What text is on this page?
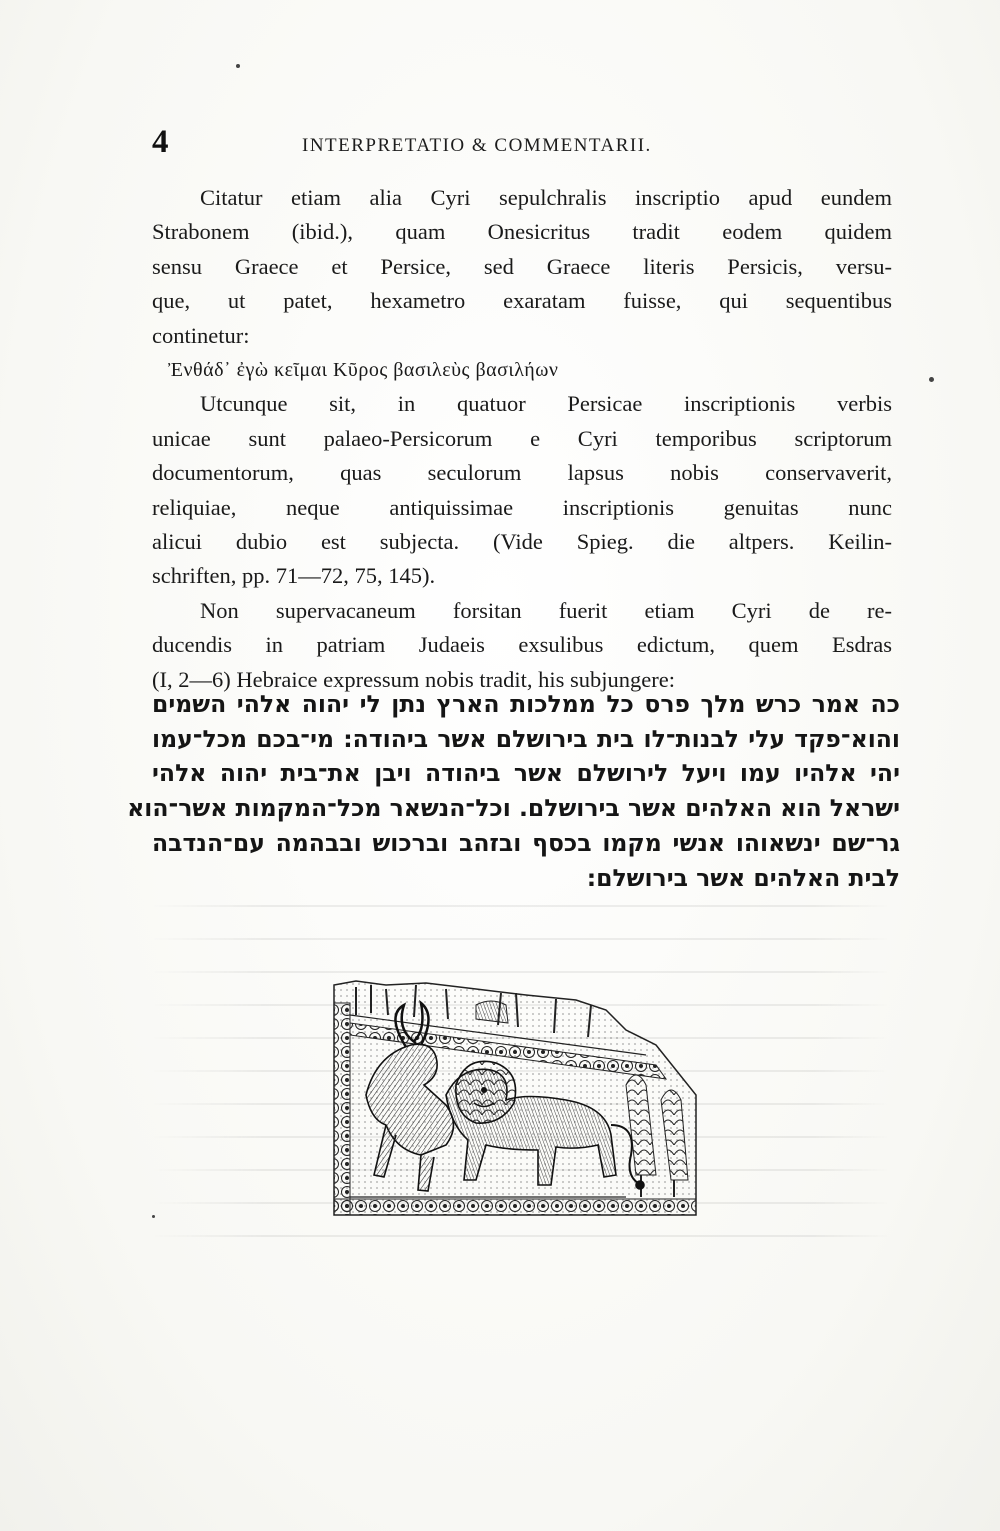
4	INTERPRETATIO & COMMENTARII.
Citatur etiam alia Cyri sepulchralis inscriptio apud eundem
Strabonem (ibid.), quam Onesicritus tradit eodem quidem
sensu Graece et Persice, sed Graece literis Persicis, versu-
que, ut patet, hexametro exaratam fuisse, qui sequentibus
continetur:
Ἐνθάδ᾽ ἐγὼ κεῖμαι Κῦρος βασιλεὺς βασιλήων
Utcunque sit, in quatuor Persicae inscriptionis verbis
unicae sunt palaeo-Persicorum e Cyri temporibus scriptorum
documentorum, quas seculorum lapsus nobis conservaverit,
reliquiae, neque antiquissimae inscriptionis genuitas nunc
alicui dubio est subjecta. (Vide Spieg. die altpers. Keilin-
schriften, pp. 71—72, 75, 145).
Non supervacaneum forsitan fuerit etiam Cyri de re-
ducendis in patriam Judaeis exsulibus edictum, quem Esdras
(I, 2—6) Hebraice expressum nobis tradit, his subjungere:
כה אמר כרש מלך פרס כל ממלכות הארץ נתן לי יהוה אלהי השמים
והוא־פקד עלי לבנות־לו בית בירושלם אשר ביהודה: מי־בכם מכל־עמו
יהי אלהיו עמו ויעל לירושלם אשר ביהודה ויבן את־בית יהוה אלהי
ישראל הוא האלהים אשר בירושלם. וכל־הנשאר מכל־המקמות אשר־הוא
גר־שם ינשאוהו אנשי מקמו בכסף ובזהב וברכוש ובבהמה עם־הנדבה
לבית האלהים אשר בירושלם:
